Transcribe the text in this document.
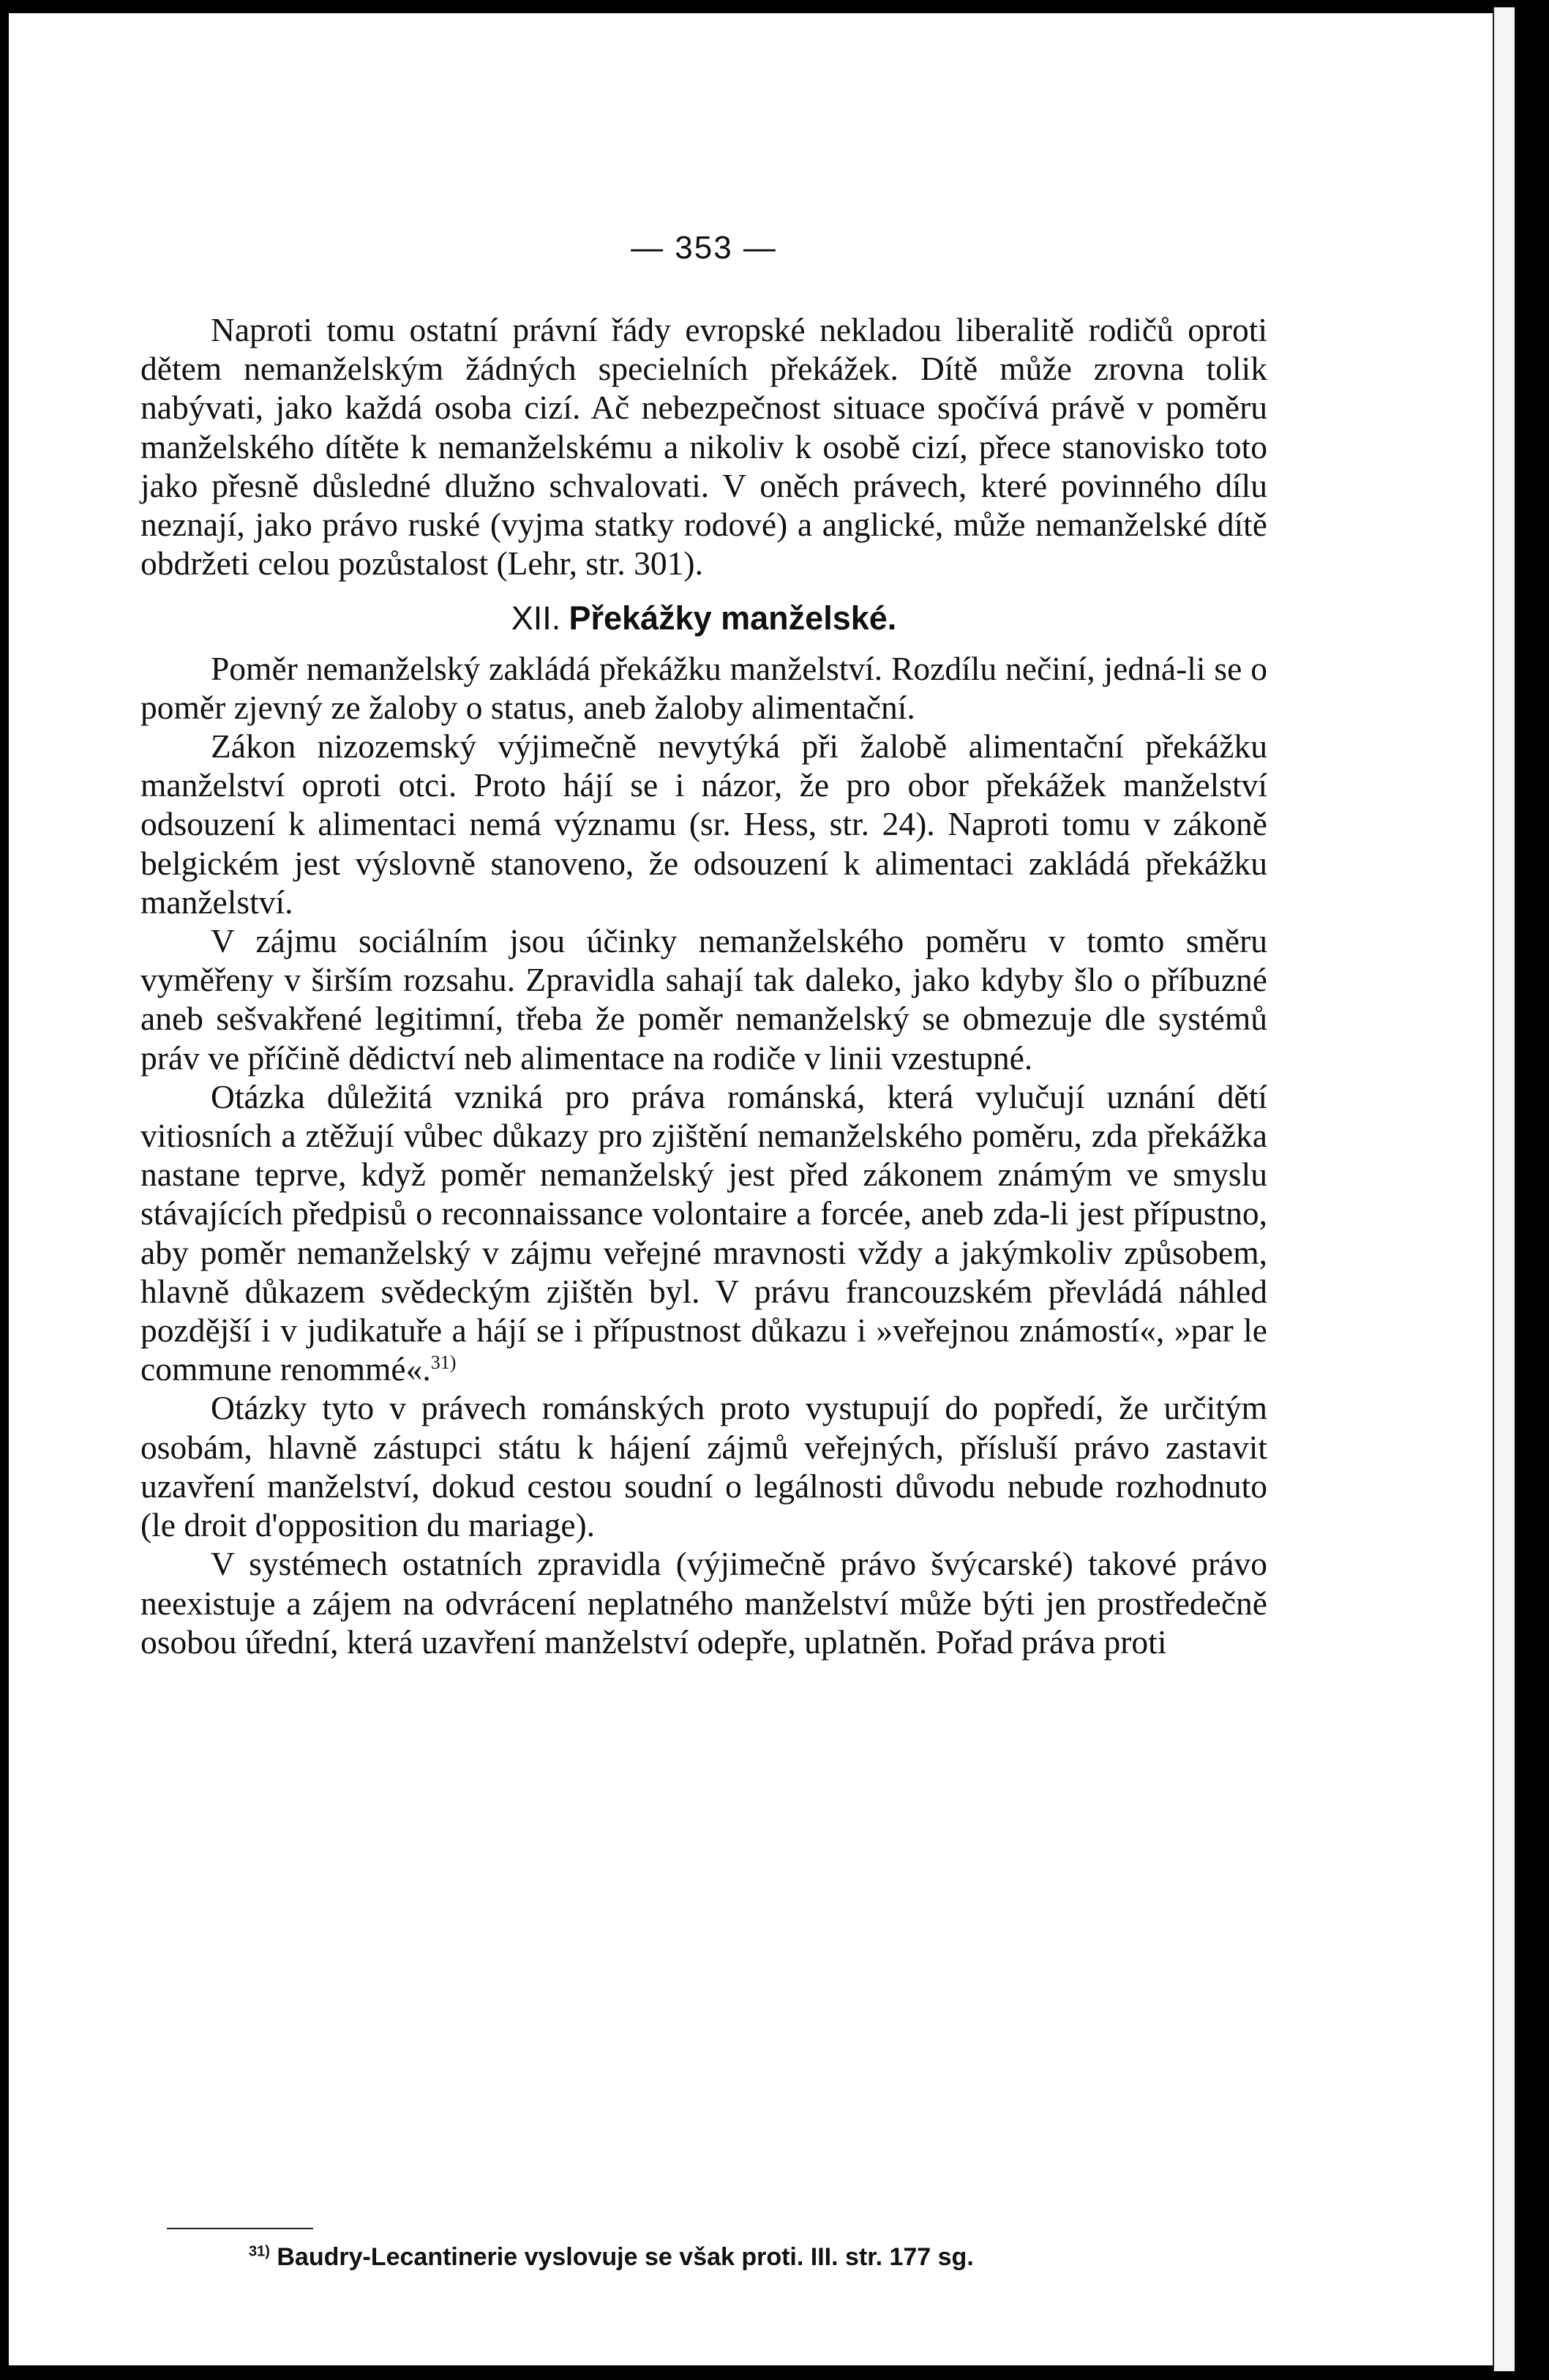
— 353 —

Naproti tomu ostatní právní řády evropské nekladou liberalitě rodičů oproti dětem nemanželským žádných specielních překážek. Dítě může zrovna tolik nabývati, jako každá osoba cizí. Ač nebezpečnost situace spočívá právě v poměru manželského dítěte k nemanželskému a nikoliv k osobě cizí, přece stanovisko toto jako přesně důsledné dlužno schvalovati. V oněch právech, které povinného dílu neznají, jako právo ruské (vyjma statky rodové) a anglické, může nemanželské dítě obdržeti celou pozůstalost (Lehr, str. 301).

XII. Překážky manželské.

Poměr nemanželský zakládá překážku manželství. Rozdílu nečiní, jedná-li se o poměr zjevný ze žaloby o status, aneb žaloby alimentační.

Zákon nizozemský výjimečně nevytýká při žalobě alimentační překážku manželství oproti otci. Proto hájí se i názor, že pro obor překážek manželství odsouzení k alimentaci nemá významu (sr. Hess, str. 24). Naproti tomu v zákoně belgickém jest výslovně stanoveno, že odsouzení k alimentaci zakládá překážku manželství.

V zájmu sociálním jsou účinky nemanželského poměru v tomto směru vyměřeny v širším rozsahu. Zpravidla sahají tak daleko, jako kdyby šlo o příbuzné aneb sešvakřené legitimní, třeba že poměr nemanželský se obmezuje dle systémů práv ve příčině dědictví neb alimentace na rodiče v linii vzestupné.

Otázka důležitá vzniká pro práva románská, která vylučují uznání dětí vitiosních a ztěžují vůbec důkazy pro zjištění nemanželského poměru, zda překážka nastane teprve, když poměr nemanželský jest před zákonem známým ve smyslu stávajících předpisů o reconnaissance volontaire a forcée, aneb zda-li jest přípustno, aby poměr nemanželský v zájmu veřejné mravnosti vždy a jakýmkoliv způsobem, hlavně důkazem svědeckým zjištěn byl. V právu francouzském převládá náhled pozdější i v judikatuře a hájí se i přípustnost důkazu i »veřejnou známostí«, »par le commune renommé«.$^{31)}$

Otázky tyto v právech románských proto vystupují do popředí, že určitým osobám, hlavně zástupci státu k hájení zájmů veřejných, přísluší právo zastavit uzavření manželství, dokud cestou soudní o legálnosti důvodu nebude rozhodnuto (le droit d'opposition du mariage).

V systémech ostatních zpravidla (výjimečně právo švýcarské) takové právo neexistuje a zájem na odvrácení neplatného manželství může býti jen prostředečně osobou úřední, která uzavření manželství odepře, uplatněn. Pořad práva proti

$^{31)}$ Baudry-Lecantinerie vyslovuje se však proti. III. str. 177 sg.
